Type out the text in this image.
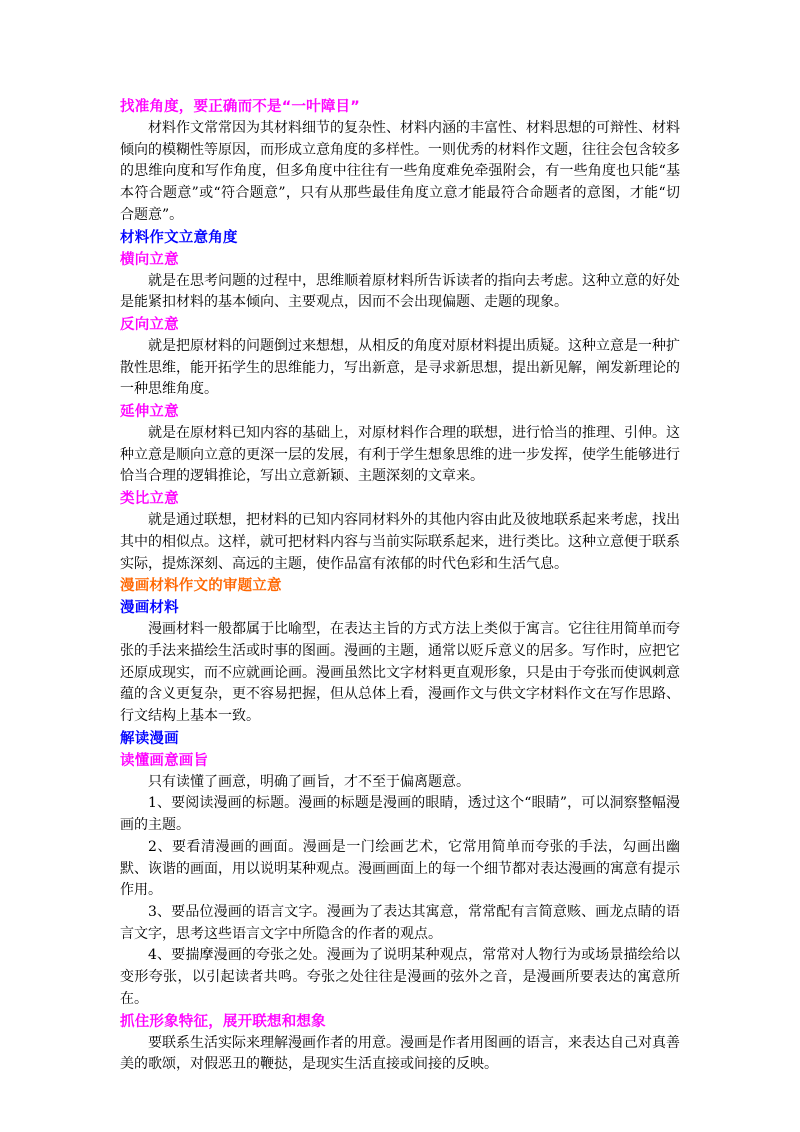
找准角度，要正确而不是“一叶障目”

材料作文常常因为其材料细节的复杂性、材料内涵的丰富性、材料思想的可辩性、材料倾向的模糊性等原因，而形成立意角度的多样性。一则优秀的材料作文题，往往会包含较多的思维向度和写作角度，但多角度中往往有一些角度难免牵强附会，有一些角度也只能“基本符合题意”或“符合题意”，只有从那些最佳角度立意才能最符合命题者的意图，才能“切合题意”。

材料作文立意角度
横向立意

就是在思考问题的过程中，思维顺着原材料所告诉读者的指向去考虑。这种立意的好处是能紧扣材料的基本倾向、主要观点，因而不会出现偏题、走题的现象。

反向立意

就是把原材料的问题倒过来想想，从相反的角度对原材料提出质疑。这种立意是一种扩散性思维，能开拓学生的思维能力，写出新意，是寻求新思想，提出新见解，阐发新理论的一种思维角度。

延伸立意

就是在原材料已知内容的基础上，对原材料作合理的联想，进行恰当的推理、引伸。这种立意是顺向立意的更深一层的发展，有利于学生想象思维的进一步发挥，使学生能够进行恰当合理的逻辑推论，写出立意新颖、主题深刻的文章来。

类比立意

就是通过联想，把材料的已知内容同材料外的其他内容由此及彼地联系起来考虑，找出其中的相似点。这样，就可把材料内容与当前实际联系起来，进行类比。这种立意便于联系实际，提炼深刻、高远的主题，使作品富有浓郁的时代色彩和生活气息。

漫画材料作文的审题立意
漫画材料

漫画材料一般都属于比喻型，在表达主旨的方式方法上类似于寓言。它往往用简单而夸张的手法来描绘生活或时事的图画。漫画的主题，通常以贬斥意义的居多。写作时，应把它还原成现实，而不应就画论画。漫画虽然比文字材料更直观形象，只是由于夸张而使讽刺意蕴的含义更复杂，更不容易把握，但从总体上看，漫画作文与供文字材料作文在写作思路、行文结构上基本一致。

解读漫画
读懂画意画旨

只有读懂了画意，明确了画旨，才不至于偏离题意。

1、要阅读漫画的标题。漫画的标题是漫画的眼睛，透过这个“眼睛”，可以洞察整幅漫画的主题。

2、要看清漫画的画面。漫画是一门绘画艺术，它常用简单而夸张的手法，勾画出幽默、诙谐的画面，用以说明某种观点。漫画画面上的每一个细节都对表达漫画的寓意有提示作用。

3、要品位漫画的语言文字。漫画为了表达其寓意，常常配有言简意赅、画龙点睛的语言文字，思考这些语言文字中所隐含的作者的观点。

4、要揣摩漫画的夸张之处。漫画为了说明某种观点，常常对人物行为或场景描绘给以变形夸张，以引起读者共鸣。夸张之处往往是漫画的弦外之音，是漫画所要表达的寓意所在。

抓住形象特征，展开联想和想象

要联系生活实际来理解漫画作者的用意。漫画是作者用图画的语言，来表达自己对真善美的歌颂，对假恶丑的鞭挞，是现实生活直接或间接的反映。
